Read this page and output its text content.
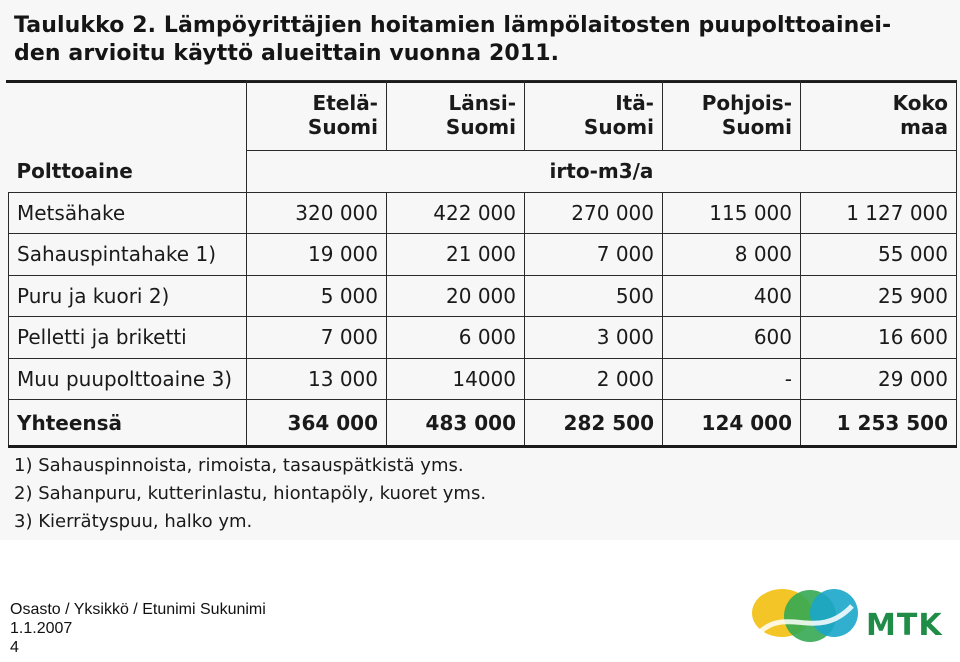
Taulukko 2. Lämpöyrittäjien hoitamien lämpölaitosten puupolttoainei-
den arvioitu käyttö alueittain vuonna 2011.

	Etelä-
Suomi	Länsi-
Suomi	Itä-
Suomi	Pohjois-
Suomi	Koko
maa

Polttoaine	irto-m3/a				
Metsähake	320 000	422 000	270 000	115 000	1 127 000
Sahauspintahake 1)	19 000	21 000	7 000	8 000	55 000
Puru ja kuori 2)	5 000	20 000	500	400	25 900
Pelletti ja briketti	7 000	6 000	3 000	600	16 600
Muu puupolttoaine 3)	13 000	14000	2 000	-	29 000
Yhteensä	364 000	483 000	282 500	124 000	1 253 500
1) Sahauspinnoista, rimoista, tasauspätkistä yms.
2) Sahanpuru, kutterinlastu, hiontapöly, kuoret yms.
3) Kierrätyspuu, halko ym.
Osasto / Yksikkö / Etunimi Sukunimi
1.1.2007
4
MTK
